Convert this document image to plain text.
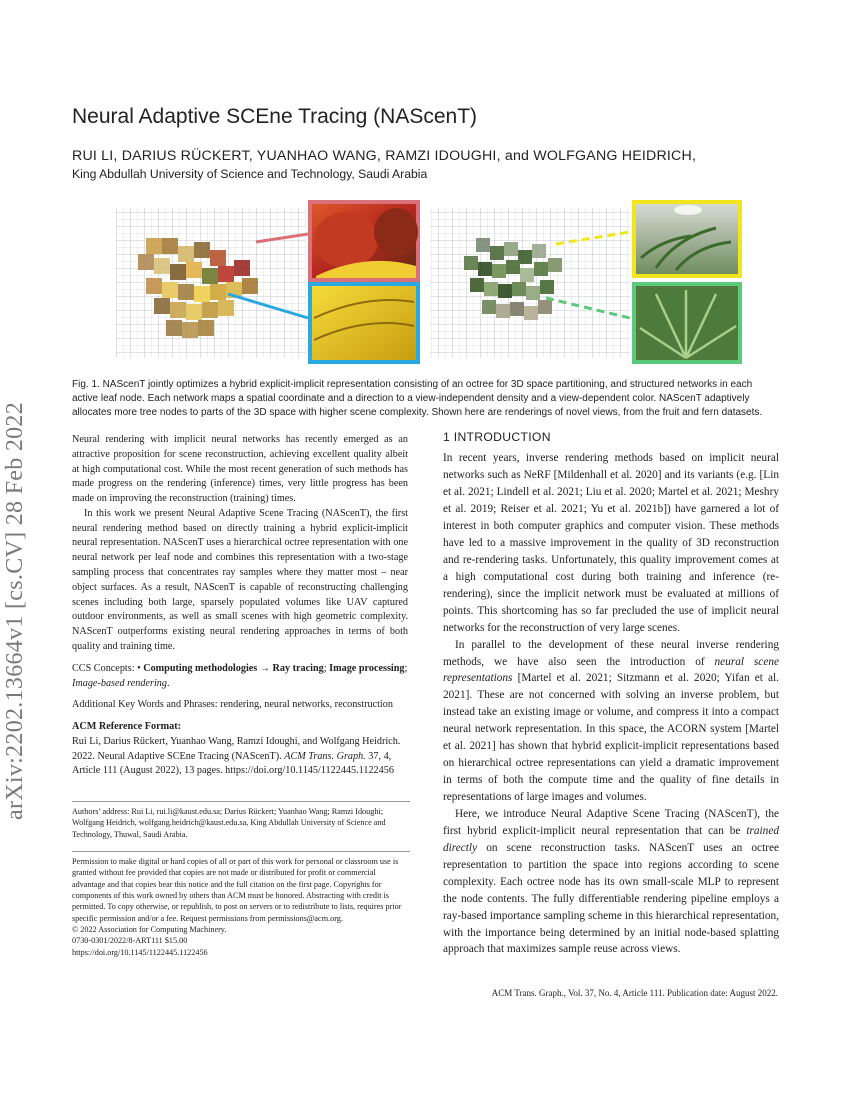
arXiv:2202.13664v1 [cs.CV] 28 Feb 2022
Neural Adaptive SCEne Tracing (NAScenT)
RUI LI, DARIUS RÜCKERT, YUANHAO WANG, RAMZI IDOUGHI, and WOLFGANG HEIDRICH,
King Abdullah University of Science and Technology, Saudi Arabia
Fig. 1. NAScenT jointly optimizes a hybrid explicit-implicit representation consisting of an octree for 3D space partitioning, and structured networks in each active leaf node. Each network maps a spatial coordinate and a direction to a view-independent density and a view-dependent color. NAScenT adaptively allocates more tree nodes to parts of the 3D space with higher scene complexity. Shown here are renderings of novel views, from the fruit and fern datasets.

Neural rendering with implicit neural networks has recently emerged as an attractive proposition for scene reconstruction, achieving excellent quality albeit at high computational cost. While the most recent generation of such methods has made progress on the rendering (inference) times, very little progress has been made on improving the reconstruction (training) times.

In this work we present Neural Adaptive Scene Tracing (NAScenT), the first neural rendering method based on directly training a hybrid explicit-implicit neural representation. NAScenT uses a hierarchical octree representation with one neural network per leaf node and combines this representation with a two-stage sampling process that concentrates ray samples where they matter most – near object surfaces. As a result, NAScenT is capable of reconstructing challenging scenes including both large, sparsely populated volumes like UAV captured outdoor environments, as well as small scenes with high geometric complexity. NAScenT outperforms existing neural rendering approaches in terms of both quality and training time.

CCS Concepts: • Computing methodologies → Ray tracing; Image processing; Image-based rendering.

Additional Key Words and Phrases: rendering, neural networks, reconstruction

ACM Reference Format:

Rui Li, Darius Rückert, Yuanhao Wang, Ramzi Idoughi, and Wolfgang Heidrich. 2022. Neural Adaptive SCEne Tracing (NAScenT). ACM Trans. Graph. 37, 4, Article 111 (August 2022), 13 pages. https://doi.org/10.1145/1122445.1122456

Authors’ address: Rui Li, rui.li@kaust.edu.sa; Darius Rückert; Yuanhao Wang; Ramzi Idoughi; Wolfgang Heidrich, wolfgang.heidrich@kaust.edu.sa, King Abdullah University of Science and Technology, Thuwal, Saudi Arabia.
Permission to make digital or hard copies of all or part of this work for personal or classroom use is granted without fee provided that copies are not made or distributed for profit or commercial advantage and that copies bear this notice and the full citation on the first page. Copyrights for components of this work owned by others than ACM must be honored. Abstracting with credit is permitted. To copy otherwise, or republish, to post on servers or to redistribute to lists, requires prior specific permission and/or a fee. Request permissions from permissions@acm.org.
© 2022 Association for Computing Machinery.
0730-0301/2022/8-ART111 $15.00
https://doi.org/10.1145/1122445.1122456
1 INTRODUCTION

In recent years, inverse rendering methods based on implicit neural networks such as NeRF [Mildenhall et al. 2020] and its variants (e.g. [Lin et al. 2021; Lindell et al. 2021; Liu et al. 2020; Martel et al. 2021; Meshry et al. 2019; Reiser et al. 2021; Yu et al. 2021b]) have garnered a lot of interest in both computer graphics and computer vision. These methods have led to a massive improvement in the quality of 3D reconstruction and re-rendering tasks. Unfortunately, this quality improvement comes at a high computational cost during both training and inference (re-rendering), since the implicit network must be evaluated at millions of points. This shortcoming has so far precluded the use of implicit neural networks for the reconstruction of very large scenes.

In parallel to the development of these neural inverse rendering methods, we have also seen the introduction of neural scene representations [Martel et al. 2021; Sitzmann et al. 2020; Yifan et al. 2021]. These are not concerned with solving an inverse problem, but instead take an existing image or volume, and compress it into a compact neural network representation. In this space, the ACORN system [Martel et al. 2021] has shown that hybrid explicit-implicit representations based on hierarchical octree representations can yield a dramatic improvement in terms of both the compute time and the quality of fine details in representations of large images and volumes.

Here, we introduce Neural Adaptive Scene Tracing (NAScenT), the first hybrid explicit-implicit neural representation that can be trained directly on scene reconstruction tasks. NAScenT uses an octree representation to partition the space into regions according to scene complexity. Each octree node has its own small-scale MLP to represent the node contents. The fully differentiable rendering pipeline employs a ray-based importance sampling scheme in this hierarchical representation, with the importance being determined by an initial node-based splatting approach that maximizes sample reuse across views.

ACM Trans. Graph., Vol. 37, No. 4, Article 111. Publication date: August 2022.
